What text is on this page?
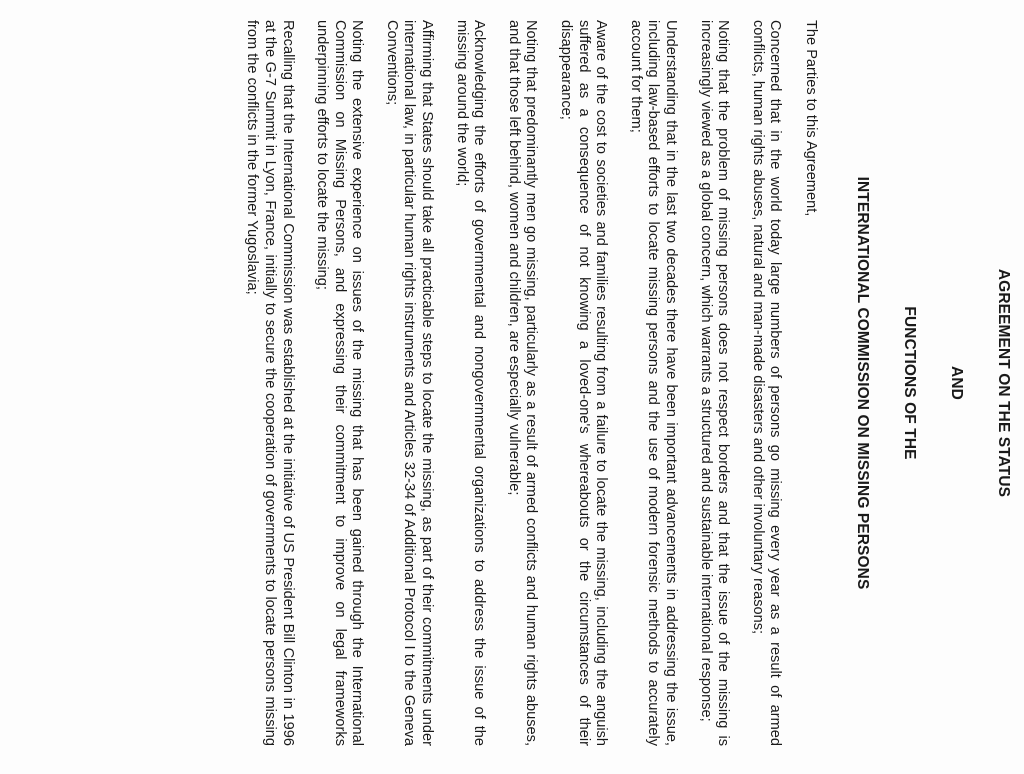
AGREEMENT ON THE STATUS
AND
FUNCTIONS OF THE
INTERNATIONAL COMMISSION ON MISSING PERSONS

The Parties to this Agreement,

Concerned that in the world today large numbers of persons go missing every year as a result of armed conflicts, human rights abuses, natural and man-made disasters and other involuntary reasons;

Noting that the problem of missing persons does not respect borders and that the issue of the missing is increasingly viewed as a global concern, which warrants a structured and sustainable international response;

Understanding that in the last two decades there have been important advancements in addressing the issue, including law-based efforts to locate missing persons and the use of modern forensic methods to accurately account for them;

Aware of the cost to societies and families resulting from a failure to locate the missing, including the anguish suffered as a consequence of not knowing a loved-one's whereabouts or the circumstances of their disappearance;

Noting that predominantly men go missing, particularly as a result of armed conflicts and human rights abuses, and that those left behind, women and children, are especially vulnerable;

Acknowledging the efforts of governmental and nongovernmental organizations to address the issue of the missing around the world;

Affirming that States should take all practicable steps to locate the missing, as part of their commitments under international law, in particular human rights instruments and Articles 32-34 of Additional Protocol I to the Geneva Conventions;

Noting the extensive experience on issues of the missing that has been gained through the International Commission on Missing Persons, and expressing their commitment to improve on legal frameworks underpinning efforts to locate the missing;

Recalling that the International Commission was established at the initiative of US President Bill Clinton in 1996 at the G-7 Summit in Lyon, France, initially to secure the cooperation of governments to locate persons missing from the conflicts in the former Yugoslavia;
